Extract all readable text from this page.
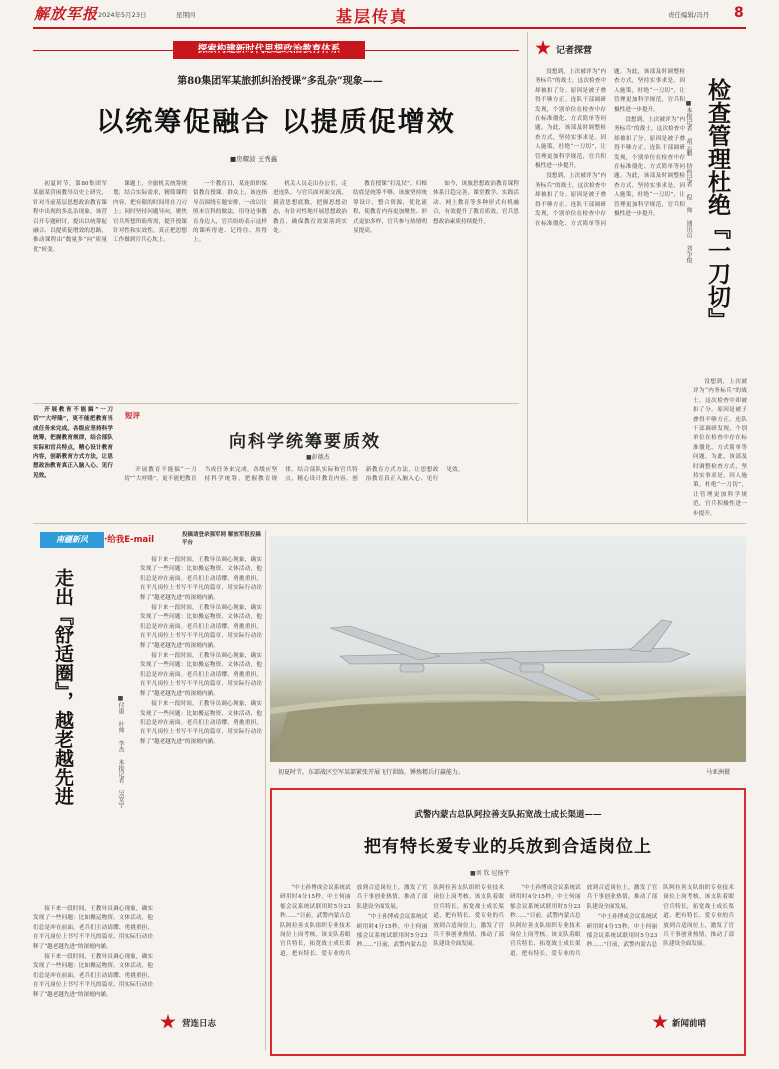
解放军报 2024年5月23日	星期四	基层传真	责任编辑/冯丹 8
第80集团军某旅抓纠治授课“多乱杂”现象——
以统筹促融合 以提质促增效
■房耀波 王秀鑫

初夏时节，第80集团军某旅某营闲教导员史上研究，针对当前基层思想政治教育课程中出现的多乱杂现象，该营召开专题研讨，提出以统筹促融合、以提质促增效的思路，推动课程由“数量多”向“质量优”转变。

课题上，全旅机关统筹规划，结合实际需求，精简课程内容，把有限的时间用在刀刃上；同时坚持问题导向，聚焦官兵所想所盼所需，提升授课针对性和实效性，真正把思想工作做到官兵心坎上。

一个教育日，某连组织保留教育授课。群众上，该连指导员围绕专题安排，一改以往照本宣科的做法，用身边事教育身边人，官兵纷纷表示这样的课听得进、记得住、用得上。

机关人员走出办公室，走进连队，与官兵面对面交流，摸清思想底数，把握思想动态，有针对性地开展思想政治教育，确保教育效果落到实处。

教育授课“打乱仗”，归根结底是统筹不够。该旅坚持统筹设计，整合资源，优化流程，使教育内容更加聚焦、形式更加多样，官兵参与热情明显提高。

如今，该旅思想政治教育课程体系日趋完善，课堂教学、实践活动、网上教育等多种形式有机融合，有效提升了教育质效，官兵思想政治素质持续提升。

开展教育不能搞“一刀切”“大呼隆”，更不能把教育当成任务来完成。各级应坚持科学统筹，把握教育规律，结合部队实际和官兵特点，精心设计教育内容，创新教育方式方法，让思想政治教育真正入脑入心、见行见效。

短评
向科学统筹要质效
■彭德杰

开展教育不能搞“一刀切”“大呼隆”，更不能把教育当成任务来完成。各级应坚持科学统筹，把握教育规律，结合部队实际和官兵特点，精心设计教育内容，创新教育方式方法，让思想政治教育真正入脑入心、见行见效。

记者探营

没想到，上次被评为“内务标兵”的战士，这次检查中却被扣了分。原因是被子叠得不够方正。连队干部调研发现，个别单位在检查中存在标准僵化、方式简单等问题。为此，该部及时调整检查方式，坚持实事求是、因人施策，杜绝“一刀切”，让管理更加科学规范，官兵积极性进一步提升。

没想到，上次被评为“内务标兵”的战士，这次检查中却被扣了分。原因是被子叠得不够方正。连队干部调研发现，个别单位在检查中存在标准僵化、方式简单等问题。为此，该部及时调整检查方式，坚持实事求是、因人施策，杜绝“一刀切”，让管理更加科学规范，官兵积极性进一步提升。

没想到，上次被评为“内务标兵”的战士，这次检查中却被扣了分。原因是被子叠得不够方正。连队干部调研发现，个别单位在检查中存在标准僵化、方式简单等问题。为此，该部及时调整检查方式，坚持实事求是、因人施策，杜绝“一刀切”，让管理更加科学规范，官兵积极性进一步提升。	检查管理杜绝『一刀切』
■本报记者 胡云鹏 特约记者 倪 帅 通讯员 刘争俊

没想到，上次被评为“内务标兵”的战士，这次检查中却被扣了分。原因是被子叠得不够方正。连队干部调研发现，个别单位在检查中存在标准僵化、方式简单等问题。为此，该部及时调整检查方式，坚持实事求是、因人施策，杜绝“一刀切”，让管理更加科学规范，官兵积极性进一步提升。

南疆新风	·给我E-mail	投稿请登录强军网 解放军报投稿平台
走出『舒适圈』，越老越先进	■付康 叶帅 李杰 本报记者 吴安宁

接下来一段时间，王教导员调心现象，确实发现了一些问题：比如搬运物资、文体活动，他们总是冲在前面。老兵们主动请缨、勇挑重担，在平凡岗位上书写不平凡的篇章，用实际行动诠释了“越老越先进”的深刻内涵。

接下来一段时间，王教导员调心现象，确实发现了一些问题：比如搬运物资、文体活动，他们总是冲在前面。老兵们主动请缨、勇挑重担，在平凡岗位上书写不平凡的篇章，用实际行动诠释了“越老越先进”的深刻内涵。

接下来一段时间，王教导员调心现象，确实发现了一些问题：比如搬运物资、文体活动，他们总是冲在前面。老兵们主动请缨、勇挑重担，在平凡岗位上书写不平凡的篇章，用实际行动诠释了“越老越先进”的深刻内涵。

接下来一段时间，王教导员调心现象，确实发现了一些问题：比如搬运物资、文体活动，他们总是冲在前面。老兵们主动请缨、勇挑重担，在平凡岗位上书写不平凡的篇章，用实际行动诠释了“越老越先进”的深刻内涵。

接下来一段时间，王教导员调心现象，确实发现了一些问题：比如搬运物资、文体活动，他们总是冲在前面。老兵们主动请缨、勇挑重担，在平凡岗位上书写不平凡的篇章，用实际行动诠释了“越老越先进”的深刻内涵。

接下来一段时间，王教导员调心现象，确实发现了一些问题：比如搬运物资、文体活动，他们总是冲在前面。老兵们主动请缨、勇挑重担，在平凡岗位上书写不平凡的篇章，用实际行动诠释了“越老越先进”的深刻内涵。

营连日志
初夏时节，东部战区空军某部紧张开展飞行训练，锤炼精兵打赢能力。	马亚洲摄
武警内蒙古总队阿拉善支队拓宽战士成长渠道——
把有特长爱专业的兵放到合适岗位上
■刘 钦 尼扬宇

“中士孙博成会议系统试研用时4分15秒，中士何丽郁会议系统试联用时5分23秒……”日前，武警内蒙古总队阿拉善支队组织专业技术岗位上岗考核。该支队着眼官兵特长，拓宽战士成长渠道，把有特长、爱专业的兵放到合适岗位上，激发了官兵干事创业热情，推动了部队建设全面发展。

“中士孙博成会议系统试研用时4分15秒，中士何丽郁会议系统试联用时5分23秒……”日前，武警内蒙古总队阿拉善支队组织专业技术岗位上岗考核。该支队着眼官兵特长，拓宽战士成长渠道，把有特长、爱专业的兵放到合适岗位上，激发了官兵干事创业热情，推动了部队建设全面发展。

“中士孙博成会议系统试研用时4分15秒，中士何丽郁会议系统试联用时5分23秒……”日前，武警内蒙古总队阿拉善支队组织专业技术岗位上岗考核。该支队着眼官兵特长，拓宽战士成长渠道，把有特长、爱专业的兵放到合适岗位上，激发了官兵干事创业热情，推动了部队建设全面发展。

“中士孙博成会议系统试研用时4分15秒，中士何丽郁会议系统试联用时5分23秒……”日前，武警内蒙古总队阿拉善支队组织专业技术岗位上岗考核。该支队着眼官兵特长，拓宽战士成长渠道，把有特长、爱专业的兵放到合适岗位上，激发了官兵干事创业热情，推动了部队建设全面发展。

新闻前哨
